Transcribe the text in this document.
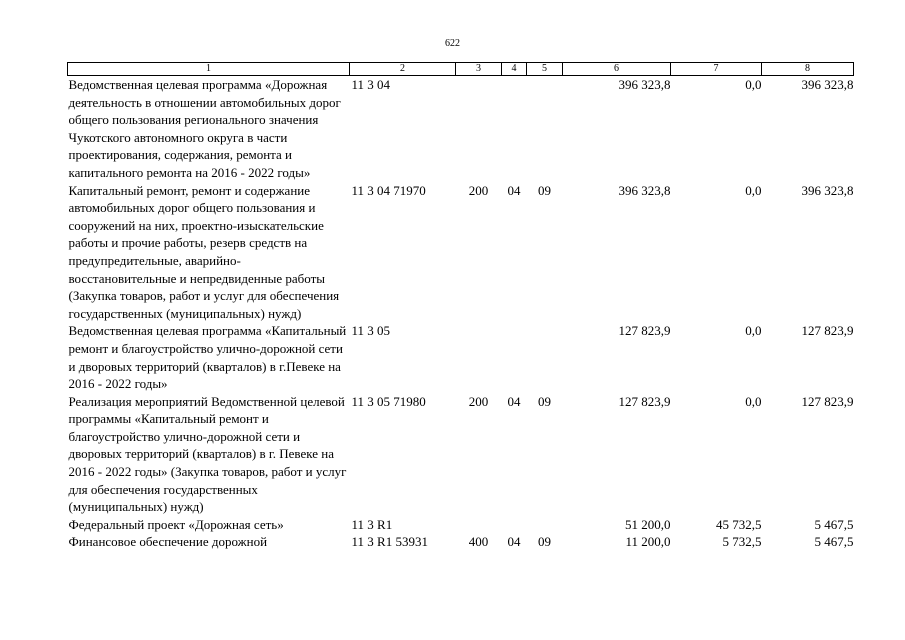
622
1	2	3	4	5	6	7	8
Ведомственная целевая программа «Дорожная деятельность в отношении автомобильных дорог общего пользования регионального значения Чукотского автономного округа в части проектирования, содержания, ремонта и капитального ремонта на 2016 - 2022 годы»	11 3 04				396 323,8	0,0	396 323,8
Капитальный ремонт, ремонт и содержание автомобильных дорог общего пользования и сооружений на них, проектно-изыскательские работы и прочие работы, резерв средств на предупредительные, аварийно-восстановительные и непредвиденные работы (Закупка товаров, работ и услуг для обеспечения государственных (муниципальных) нужд)	11 3 04 71970	200	04	09	396 323,8	0,0	396 323,8
Ведомственная целевая программа «Капитальный ремонт и благоустройство улично-дорожной сети и дворовых территорий (кварталов) в г.Певеке на 2016 - 2022 годы»	11 3 05				127 823,9	0,0	127 823,9
Реализация мероприятий Ведомственной целевой программы «Капитальный ремонт и благоустройство улично-дорожной сети и дворовых территорий (кварталов) в г. Певеке на 2016 - 2022 годы» (Закупка товаров, работ и услуг для обеспечения государственных (муниципальных) нужд)	11 3 05 71980	200	04	09	127 823,9	0,0	127 823,9
Федеральный проект «Дорожная сеть»	11 3 R1				51 200,0	45 732,5	5 467,5
Финансовое обеспечение дорожной	11 3 R1 53931	400	04	09	11 200,0	5 732,5	5 467,5
